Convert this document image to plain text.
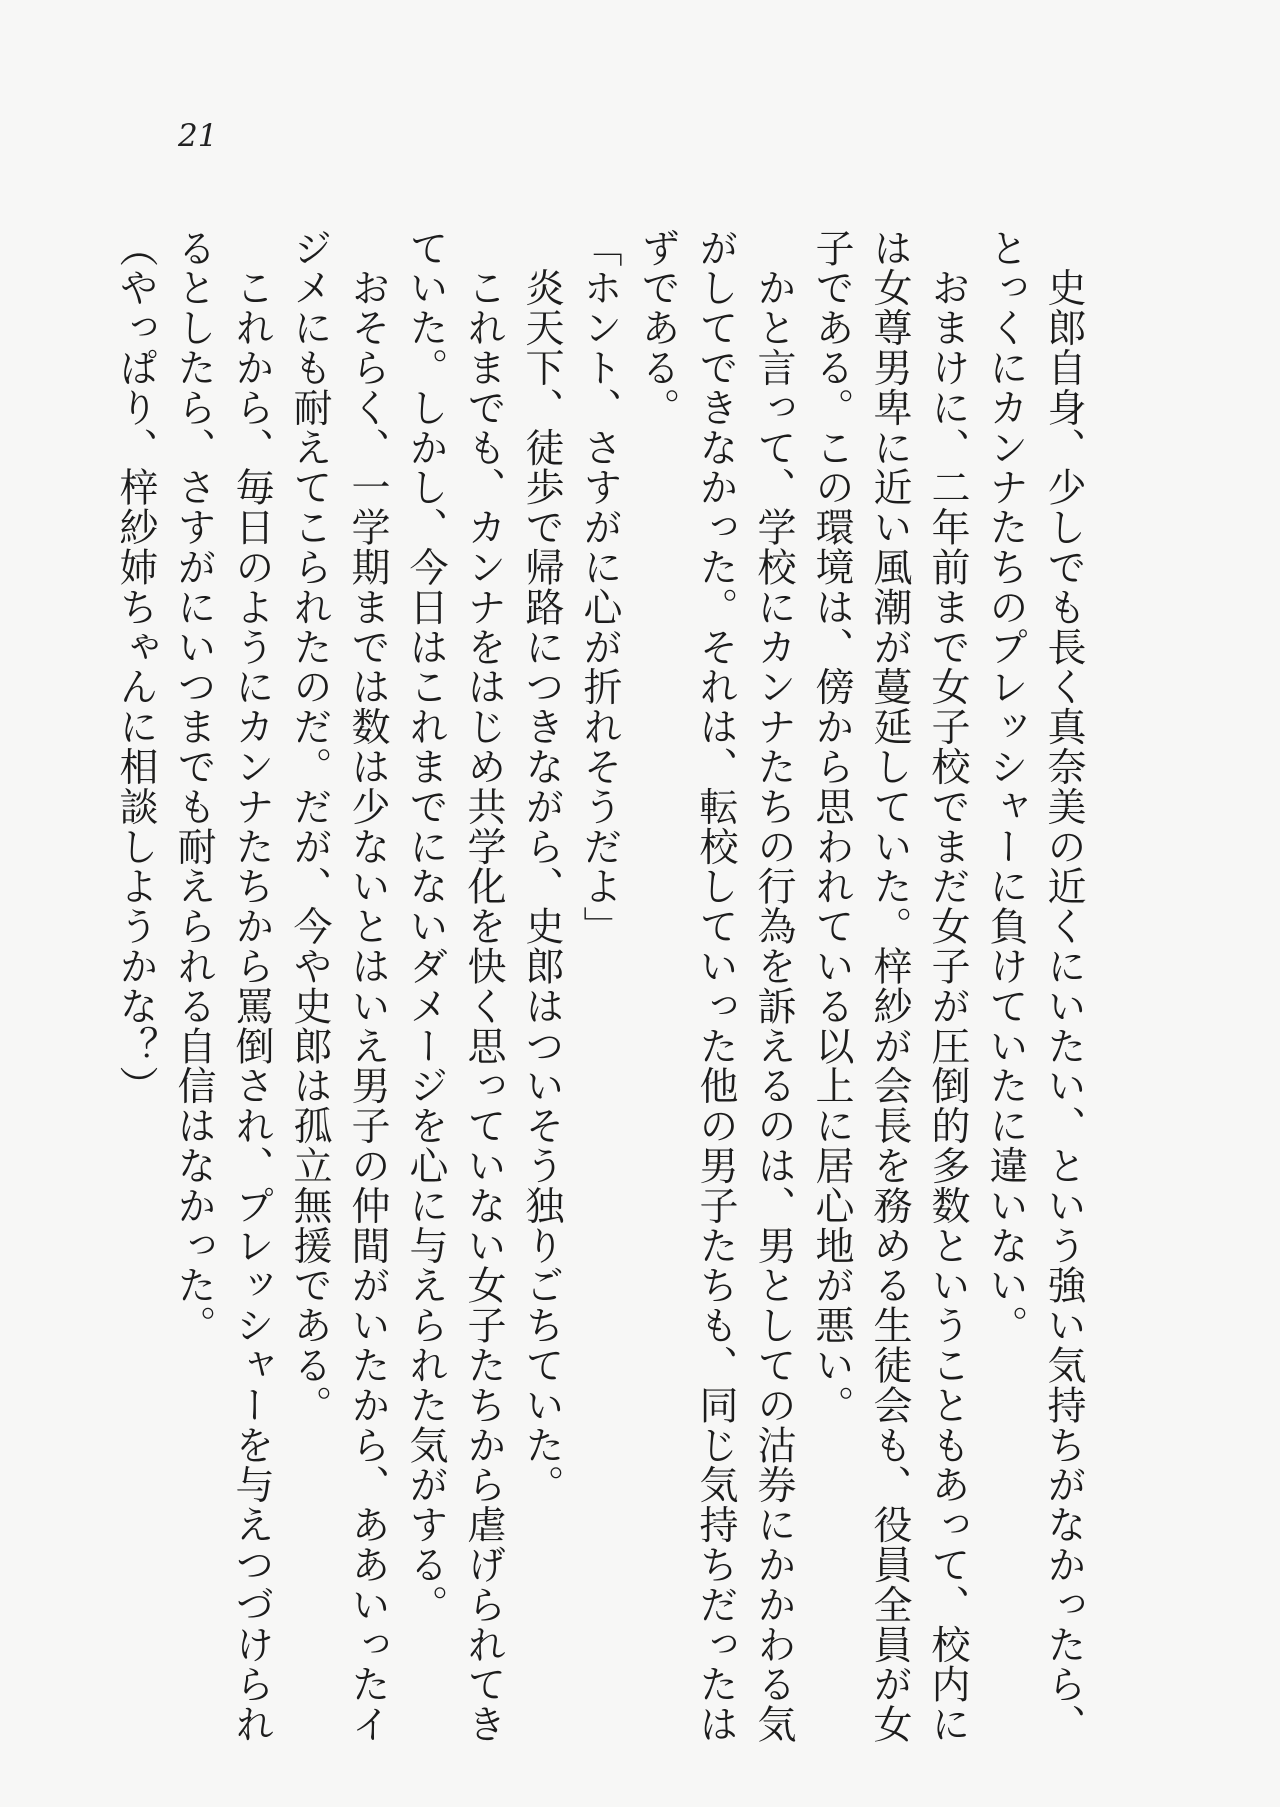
21

　史郎自身、少しでも長く真奈美の近くにいたい、という強い気持ちがなかったら、

とっくにカンナたちのプレッシャーに負けていたに違いない。

　おまけに、二年前まで女子校でまだ女子が圧倒的多数ということもあって、校内に

は女尊男卑に近い風潮が蔓延していた。梓紗が会長を務める生徒会も、役員全員が女

子である。この環境は、傍から思われている以上に居心地が悪い。

　かと言って、学校にカンナたちの行為を訴えるのは、男としての沽券にかかわる気

がしてできなかった。それは、転校していった他の男子たちも、同じ気持ちだったは

ずである。

「ホント、さすがに心が折れそうだよ」

　炎天下、徒歩で帰路につきながら、史郎はついそう独りごちていた。

　これまでも、カンナをはじめ共学化を快く思っていない女子たちから虐げられてき

ていた。しかし、今日はこれまでにないダメージを心に与えられた気がする。

　おそらく、一学期までは数は少ないとはいえ男子の仲間がいたから、ああいったイ

ジメにも耐えてこられたのだ。だが、今や史郎は孤立無援である。

　これから、毎日のようにカンナたちから罵倒され、プレッシャーを与えつづけられ

るとしたら、さすがにいつまでも耐えられる自信はなかった。

（やっぱり、梓紗姉ちゃんに相談しようかな？）
